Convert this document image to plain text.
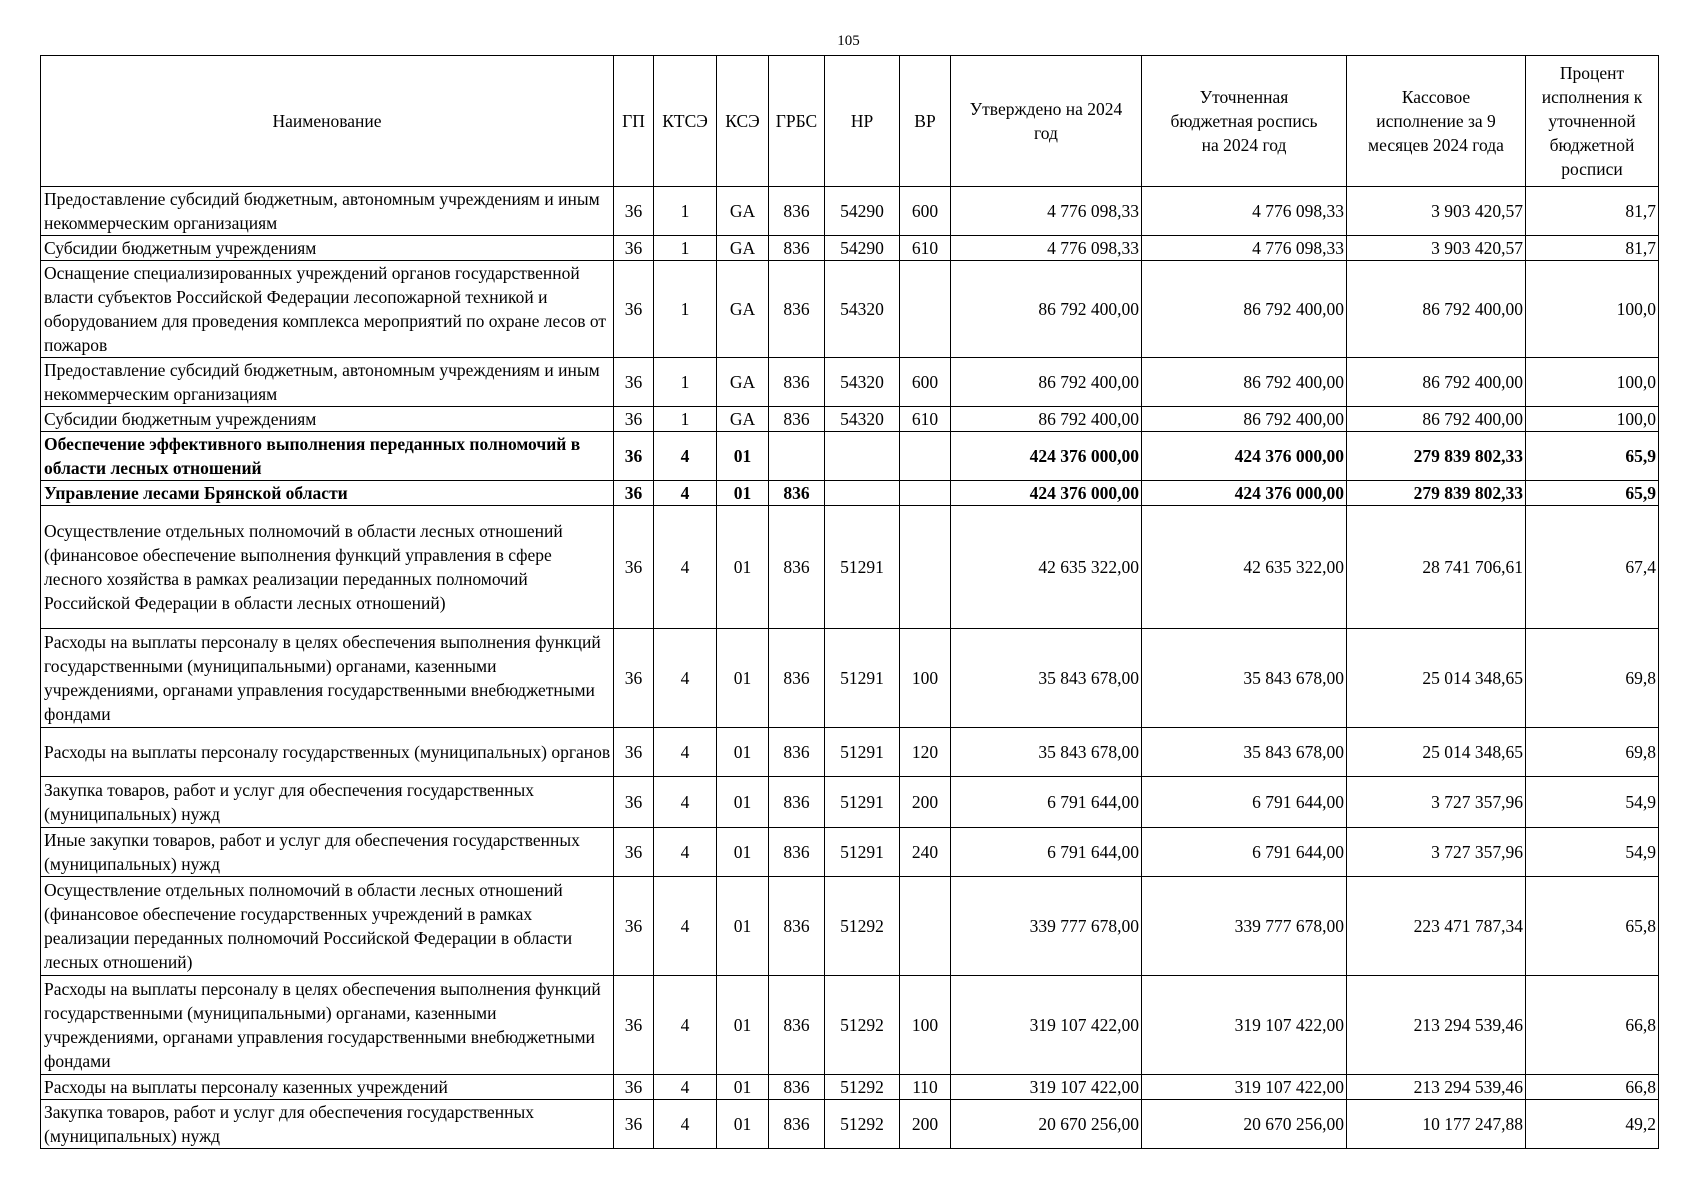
105
Наименование	ГП	КТСЭ	КСЭ	ГРБС	НР	ВР	Утверждено на 2024 год	Уточненная бюджетная роспись на 2024 год	Кассовое исполнение за 9 месяцев 2024 года	Процент исполнения к уточненной бюджетной росписи
Предоставление субсидий бюджетным, автономным учреждениям и иным некоммерческим организациям	36	1	GA	836	54290	600	4 776 098,33	4 776 098,33	3 903 420,57	81,7
Субсидии бюджетным учреждениям	36	1	GA	836	54290	610	4 776 098,33	4 776 098,33	3 903 420,57	81,7
Оснащение специализированных учреждений органов государственной власти субъектов Российской Федерации лесопожарной техникой и оборудованием для проведения комплекса мероприятий по охране лесов от пожаров	36	1	GA	836	54320		86 792 400,00	86 792 400,00	86 792 400,00	100,0
Предоставление субсидий бюджетным, автономным учреждениям и иным некоммерческим организациям	36	1	GA	836	54320	600	86 792 400,00	86 792 400,00	86 792 400,00	100,0
Субсидии бюджетным учреждениям	36	1	GA	836	54320	610	86 792 400,00	86 792 400,00	86 792 400,00	100,0
Обеспечение эффективного выполнения переданных полномочий в области лесных отношений	36	4	01				424 376 000,00	424 376 000,00	279 839 802,33	65,9
Управление лесами Брянской области	36	4	01	836			424 376 000,00	424 376 000,00	279 839 802,33	65,9
Осуществление отдельных полномочий в области лесных отношений (финансовое обеспечение выполнения функций управления в сфере лесного хозяйства в рамках реализации переданных полномочий Российской Федерации в области лесных отношений)	36	4	01	836	51291		42 635 322,00	42 635 322,00	28 741 706,61	67,4
Расходы на выплаты персоналу в целях обеспечения выполнения функций государственными (муниципальными) органами, казенными учреждениями, органами управления государственными внебюджетными фондами	36	4	01	836	51291	100	35 843 678,00	35 843 678,00	25 014 348,65	69,8
Расходы на выплаты персоналу государственных (муниципальных) органов	36	4	01	836	51291	120	35 843 678,00	35 843 678,00	25 014 348,65	69,8
Закупка товаров, работ и услуг для обеспечения государственных (муниципальных) нужд	36	4	01	836	51291	200	6 791 644,00	6 791 644,00	3 727 357,96	54,9
Иные закупки товаров, работ и услуг для обеспечения государственных (муниципальных) нужд	36	4	01	836	51291	240	6 791 644,00	6 791 644,00	3 727 357,96	54,9
Осуществление отдельных полномочий в области лесных отношений (финансовое обеспечение государственных учреждений в рамках реализации переданных полномочий Российской Федерации в области лесных отношений)	36	4	01	836	51292		339 777 678,00	339 777 678,00	223 471 787,34	65,8
Расходы на выплаты персоналу в целях обеспечения выполнения функций государственными (муниципальными) органами, казенными учреждениями, органами управления государственными внебюджетными фондами	36	4	01	836	51292	100	319 107 422,00	319 107 422,00	213 294 539,46	66,8
Расходы на выплаты персоналу казенных учреждений	36	4	01	836	51292	110	319 107 422,00	319 107 422,00	213 294 539,46	66,8
Закупка товаров, работ и услуг для обеспечения государственных (муниципальных) нужд	36	4	01	836	51292	200	20 670 256,00	20 670 256,00	10 177 247,88	49,2
